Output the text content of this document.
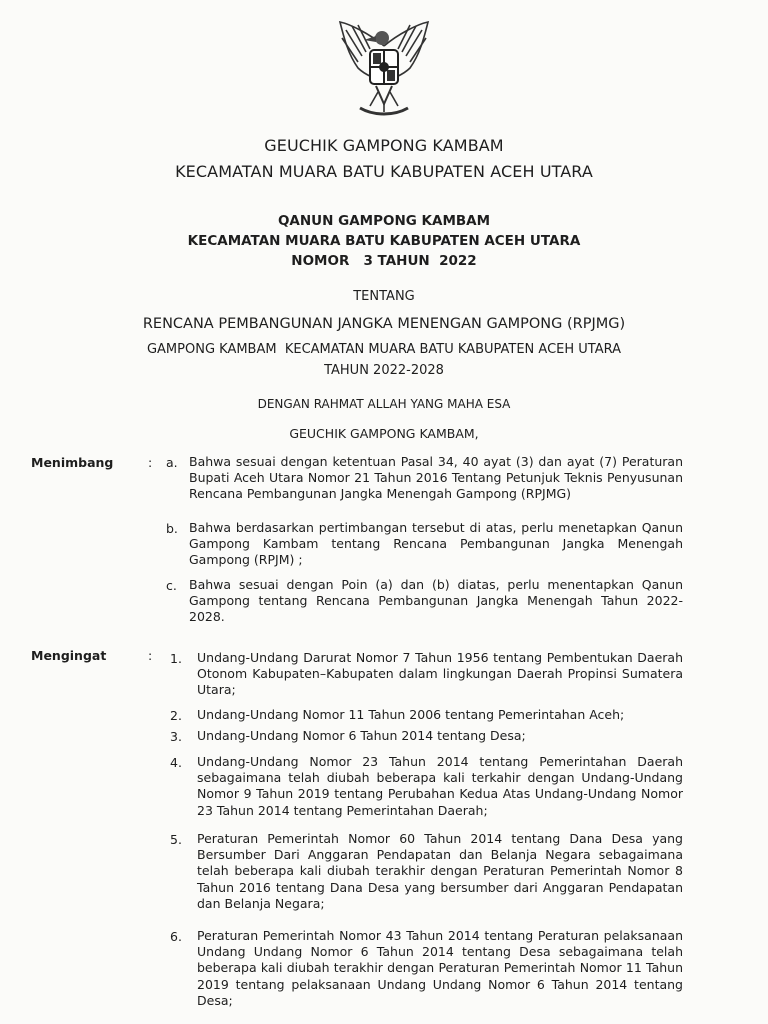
GEUCHIK GAMPONG KAMBAM
KECAMATAN MUARA BATU KABUPATEN ACEH UTARA
QANUN GAMPONG KAMBAM
KECAMATAN MUARA BATU KABUPATEN ACEH UTARA
NOMOR   3 TAHUN  2022
TENTANG
RENCANA PEMBANGUNAN JANGKA MENENGAN GAMPONG (RPJMG)
GAMPONG KAMBAM  KECAMATAN MUARA BATU KABUPATEN ACEH UTARA
TAHUN 2022-2028
DENGAN RAHMAT ALLAH YANG MAHA ESA
GEUCHIK GAMPONG KAMBAM,
Menimbang	: a. Bahwa sesuai dengan ketentuan Pasal 34, 40 ayat (3) dan ayat (7) Peraturan Bupati Aceh Utara Nomor 21 Tahun 2016 Tentang Petunjuk Teknis Penyusunan Rencana Pembangunan Jangka Menengah Gampong (RPJMG)
b. Bahwa berdasarkan pertimbangan tersebut di atas, perlu menetapkan Qanun Gampong Kambam tentang Rencana Pembangunan Jangka Menengah Gampong (RPJM) ;
c. Bahwa sesuai dengan Poin (a) dan (b) diatas, perlu menentapkan Qanun Gampong tentang Rencana Pembangunan Jangka Menengah Tahun 2022-2028.
Mengingat	: 1. Undang-Undang Darurat Nomor 7 Tahun 1956 tentang Pembentukan Daerah Otonom Kabupaten–Kabupaten dalam lingkungan Daerah Propinsi Sumatera Utara;
2. Undang-Undang Nomor 11 Tahun 2006 tentang Pemerintahan Aceh;
3. Undang-Undang Nomor 6 Tahun 2014 tentang Desa;
4. Undang-Undang Nomor 23 Tahun 2014 tentang Pemerintahan Daerah sebagaimana telah diubah beberapa kali terkahir dengan Undang-Undang Nomor 9 Tahun 2019 tentang Perubahan Kedua Atas Undang-Undang Nomor 23 Tahun 2014 tentang Pemerintahan Daerah;
5. Peraturan Pemerintah Nomor 60 Tahun 2014 tentang Dana Desa yang Bersumber Dari Anggaran Pendapatan dan Belanja Negara sebagaimana telah beberapa kali diubah terakhir dengan Peraturan Pemerintah Nomor 8 Tahun 2016 tentang Dana Desa yang bersumber dari Anggaran Pendapatan dan Belanja Negara;
6. Peraturan Pemerintah Nomor 43 Tahun 2014 tentang Peraturan pelaksanaan Undang Undang Nomor 6 Tahun 2014 tentang Desa sebagaimana telah beberapa kali diubah terakhir dengan Peraturan Pemerintah Nomor 11 Tahun 2019 tentang pelaksanaan Undang Undang Nomor 6 Tahun 2014 tentang Desa;
